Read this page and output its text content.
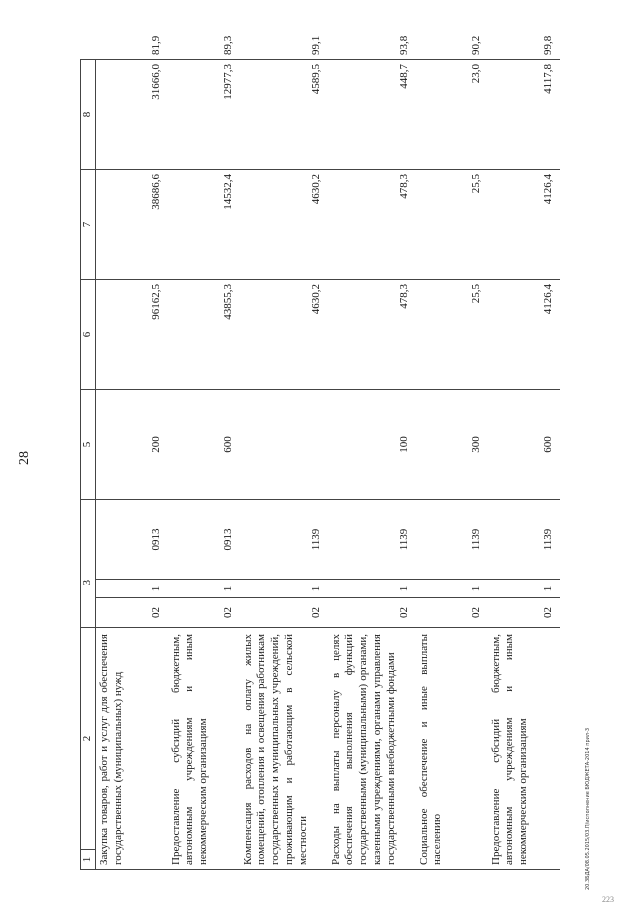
28
1	2	3			5	6	7	8	
Закупка товаров, работ и услуг для обеспечения государственных (муниципальных) нужд		02	1	0913	200	96162,5	38686,6	31666,0	81,9
Предоставление субсидий бюджетным, автономным учреждениям и иным некоммерческим организациям		02	1	0913	600	43855,3	14532,4	12977,3	89,3
Компенсация расходов на оплату жилых помещений, отопления и освещения работникам государственных и муниципальных учреждений, проживающим и работающим в сельской местности		02	1	1139		4630,2	4630,2	4589,5	99,1
Расходы на выплаты персоналу в целях обеспечения выполнения функций государственными (муниципальными) органами, казенными учреждениями, органами управления государственными внебюджетными фондами		02	1	1139	100	478,3	478,3	448,7	93,8
Социальное обеспечение и иные выплаты населению		02	1	1139	300	25,5	25,5	23,0	90,2
Предоставление субсидий бюджетным, автономным учреждениям и иным некоммерческим организациям		02	1	1139	600	4126,4	4126,4	4117,8	99,8
20.ЗБДА/08.05.2015/03.П/исполнение БЮДЖЕТА-2014 прил-3
223
